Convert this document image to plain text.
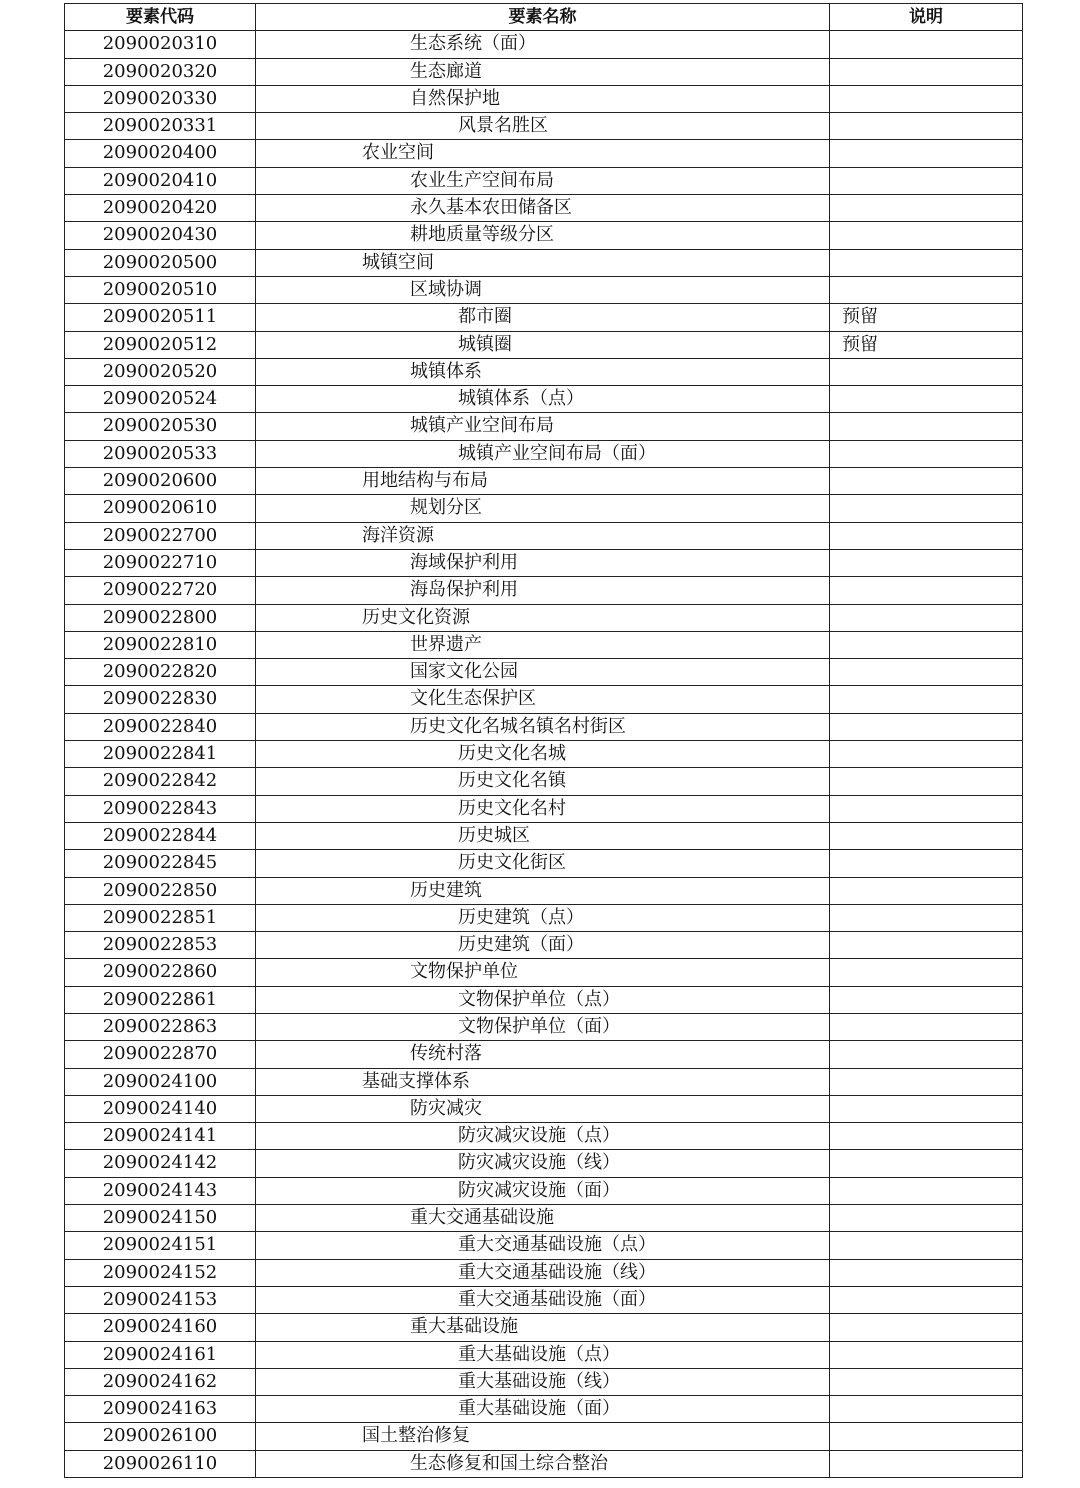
要素代码	要素名称	说明
2090020310	生态系统（面）	
2090020320	生态廊道	
2090020330	自然保护地	
2090020331	风景名胜区	
2090020400	农业空间	
2090020410	农业生产空间布局	
2090020420	永久基本农田储备区	
2090020430	耕地质量等级分区	
2090020500	城镇空间	
2090020510	区域协调	
2090020511	都市圈	预留
2090020512	城镇圈	预留
2090020520	城镇体系	
2090020524	城镇体系（点）	
2090020530	城镇产业空间布局	
2090020533	城镇产业空间布局（面）	
2090020600	用地结构与布局	
2090020610	规划分区	
2090022700	海洋资源	
2090022710	海域保护利用	
2090022720	海岛保护利用	
2090022800	历史文化资源	
2090022810	世界遗产	
2090022820	国家文化公园	
2090022830	文化生态保护区	
2090022840	历史文化名城名镇名村街区	
2090022841	历史文化名城	
2090022842	历史文化名镇	
2090022843	历史文化名村	
2090022844	历史城区	
2090022845	历史文化街区	
2090022850	历史建筑	
2090022851	历史建筑（点）	
2090022853	历史建筑（面）	
2090022860	文物保护单位	
2090022861	文物保护单位（点）	
2090022863	文物保护单位（面）	
2090022870	传统村落	
2090024100	基础支撑体系	
2090024140	防灾减灾	
2090024141	防灾减灾设施（点）	
2090024142	防灾减灾设施（线）	
2090024143	防灾减灾设施（面）	
2090024150	重大交通基础设施	
2090024151	重大交通基础设施（点）	
2090024152	重大交通基础设施（线）	
2090024153	重大交通基础设施（面）	
2090024160	重大基础设施	
2090024161	重大基础设施（点）	
2090024162	重大基础设施（线）	
2090024163	重大基础设施（面）	
2090026100	国土整治修复	
2090026110	生态修复和国土综合整治	
